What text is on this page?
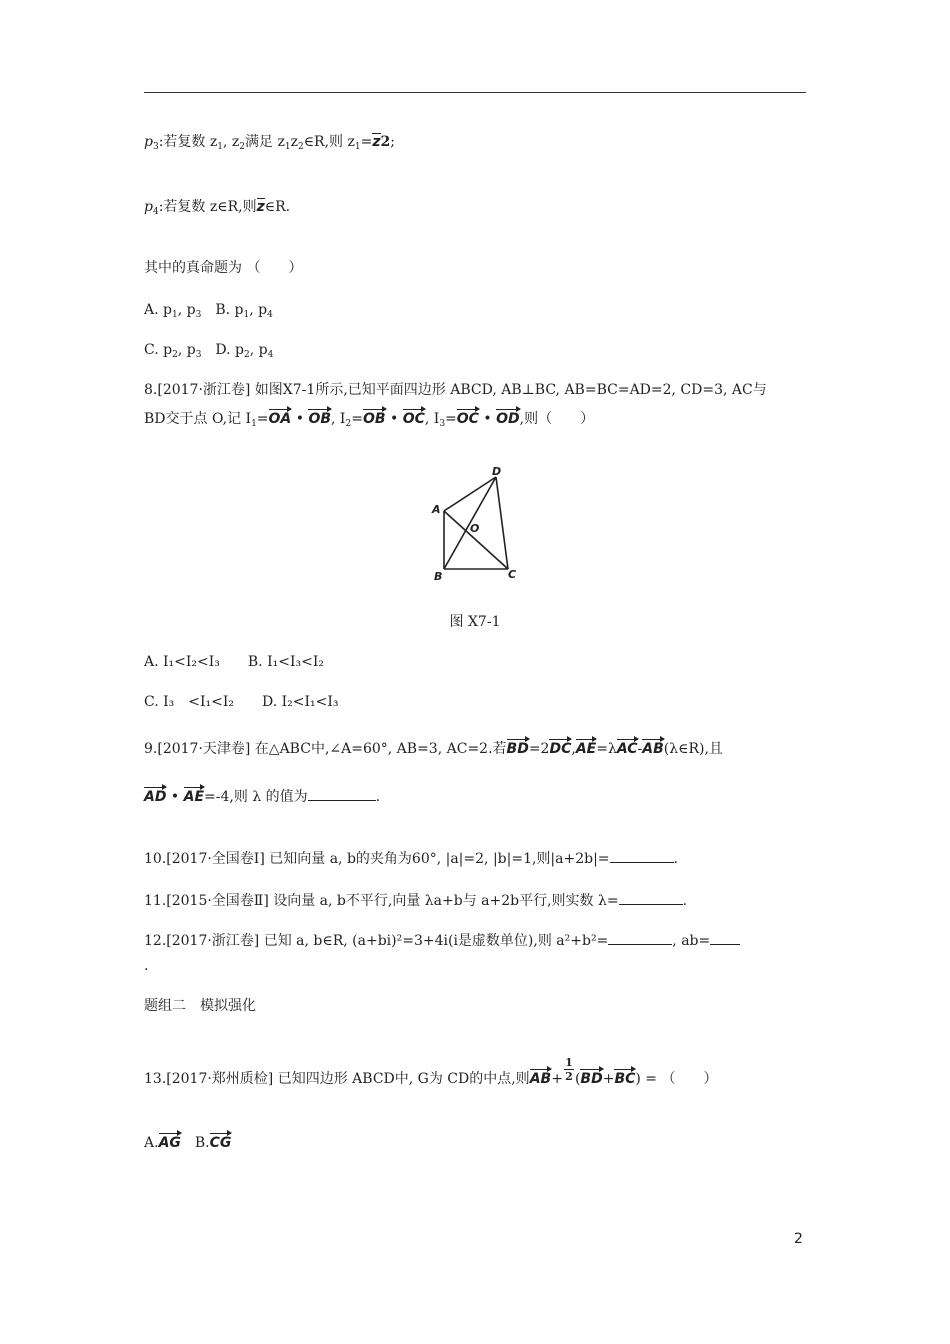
$p_3$:若复数 $z_1$, $z_2$满足 $z_1z_2\in R$,则 $z_1=z2$;
$p_4$:若复数 z∈R,则z∈R.
其中的真命题为 （　　）
A. $p_1$, $p_3$　B. $p_1$, $p_4$
C. $p_2$, $p_3$　D. $p_2$, $p_4$
8.[2017·浙江卷] 如图X7-1所示,已知平面四边形 ABCD, AB⊥BC, AB=BC=AD=2, CD=3, AC与
BD交于点 O,记 $I_1=OA$ • OB, $I_2=OB$ • OC, $I_3=OC$ • OD,则（　　）
A
B	C
D
O
图 X7-1
A. I₁<I₂<I₃　　B. I₁<I₃<I₂
C. I₃　<I₁<I₂　　D. I₂<I₁<I₃
9.[2017·天津卷] 在△ABC中,∠A=60°, AB=3, AC=2.若BD=2DC,AE=λAC-AB(λ∈R),且
AD • AE=-4,则 λ 的值为	.
10.[2017·全国卷Ⅰ] 已知向量 a, b的夹角为60°, |a|=2, |b|=1,则|a+2b|=	.
11.[2015·全国卷Ⅱ] 设向量 a, b不平行,向量 λa+b与 a+2b平行,则实数 λ=	.
12.[2017·浙江卷] 已知 a, b∈R, (a+bi)²=3+4i(i是虚数单位),则 a²+b²=	, ab=
.
题组二　模拟强化
13.[2017·郑州质检] 已知四边形 ABCD中, G为 CD的中点,则AB+
$\frac{1}{2}$
(BD+BC) = （　　）
A.AG　B.CG
2
